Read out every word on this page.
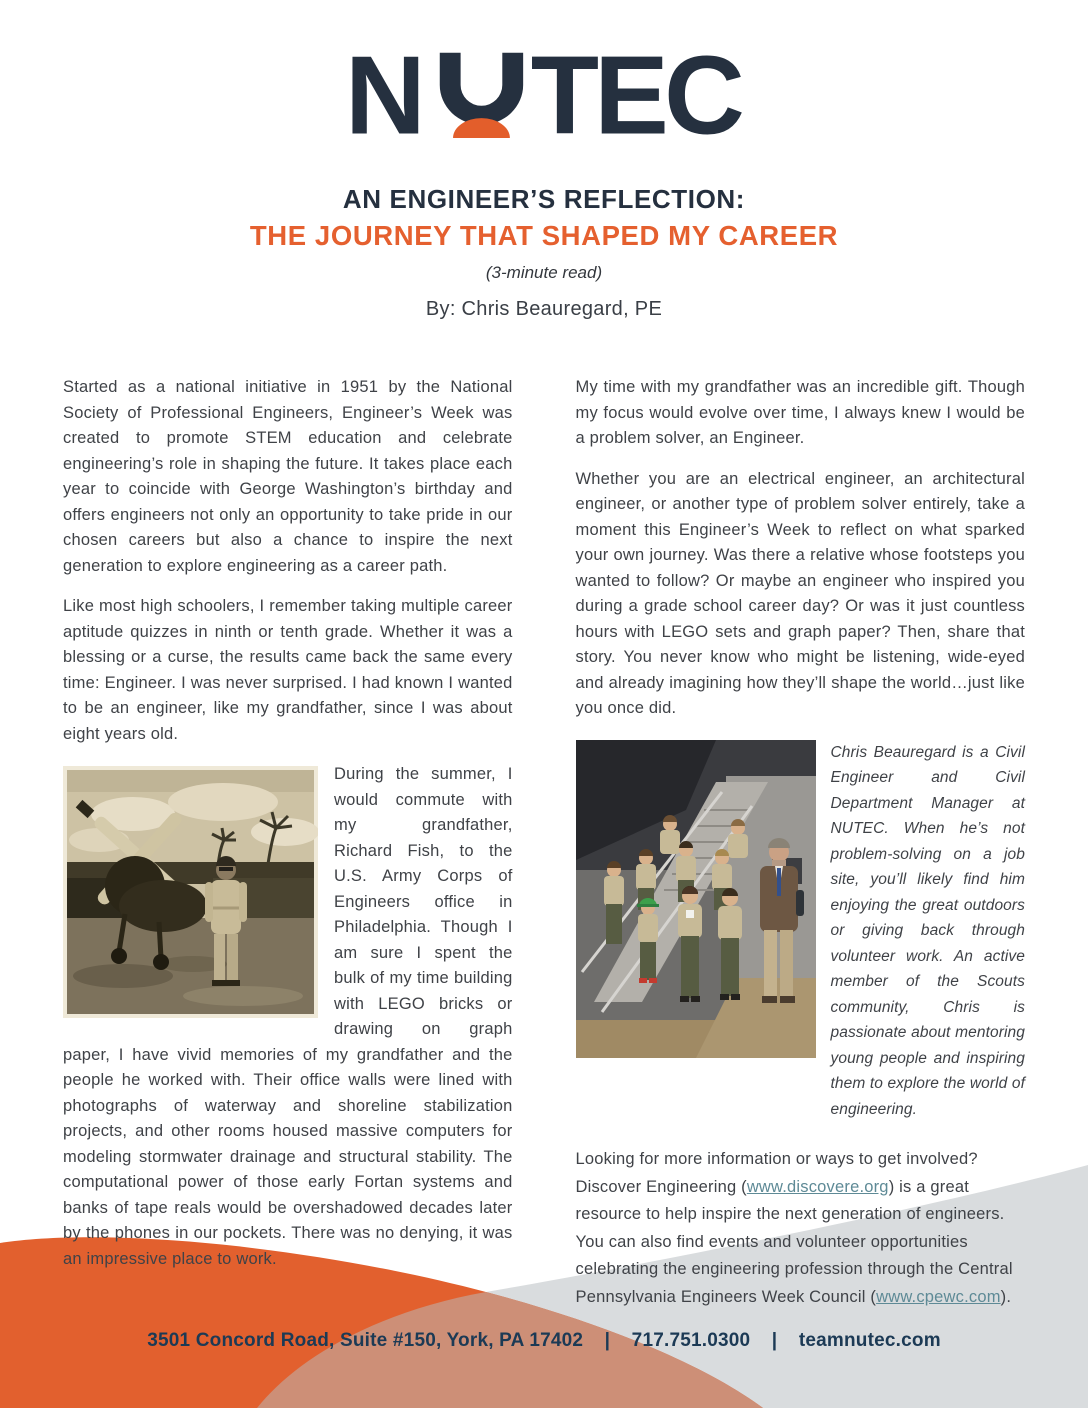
N TEC
AN ENGINEER’S REFLECTION:
THE JOURNEY THAT SHAPED MY CAREER
(3-minute read)
By: Chris Beauregard, PE

Started as a national initiative in 1951 by the National Society of Professional Engineers, Engineer’s Week was created to promote STEM education and celebrate engineering’s role in shaping the future. It takes place each year to coincide with George Washington’s birthday and offers engineers not only an opportunity to take pride in our chosen careers but also a chance to inspire the next generation to explore engineering as a career path.

Like most high schoolers, I remember taking multiple career aptitude quizzes in ninth or tenth grade. Whether it was a blessing or a curse, the results came back the same every time: Engineer. I was never surprised. I had known I wanted to be an engineer, like my grandfather, since I was about eight years old.

During the summer, I would commute with my grandfather, Richard Fish, to the U.S. Army Corps of Engineers office in Philadelphia. Though I am sure I spent the bulk of my time building with LEGO bricks or drawing on graph paper, I have vivid memories of my grandfather and the people he worked with. Their office walls were lined with photographs of waterway and shoreline stabilization projects, and other rooms housed massive computers for modeling stormwater drainage and structural stability. The computational power of those early Fortan systems and banks of tape reals would be overshadowed decades later by the phones in our pockets. There was no denying, it was an impressive place to work.

My time with my grandfather was an incredible gift. Though my focus would evolve over time, I always knew I would be a problem solver, an Engineer.

Whether you are an electrical engineer, an architectural engineer, or another type of problem solver entirely, take a moment this Engineer’s Week to reflect on what sparked your own journey. Was there a relative whose footsteps you wanted to follow? Or maybe an engineer who inspired you during a grade school career day? Or was it just countless hours with LEGO sets and graph paper? Then, share that story. You never know who might be listening, wide-eyed and already imagining how they’ll shape the world…just like you once did.

Chris Beauregard is a Civil Engineer and Civil Department Manager at NUTEC. When he’s not problem-solving on a job site, you’ll likely find him enjoying the great outdoors or giving back through volunteer work. An active member of the Scouts community, Chris is passionate about mentoring young people and inspiring them to explore the world of engineering.

Looking for more information or ways to get involved? Discover Engineering (www.discovere.org) is a great resource to help inspire the next generation of engineers. You can also find events and volunteer opportunities celebrating the engineering profession through the Central Pennsylvania Engineers Week Council (www.cpewc.com).

3501 Concord Road, Suite #150, York, PA 17402 | 717.751.0300 | teamnutec.com
